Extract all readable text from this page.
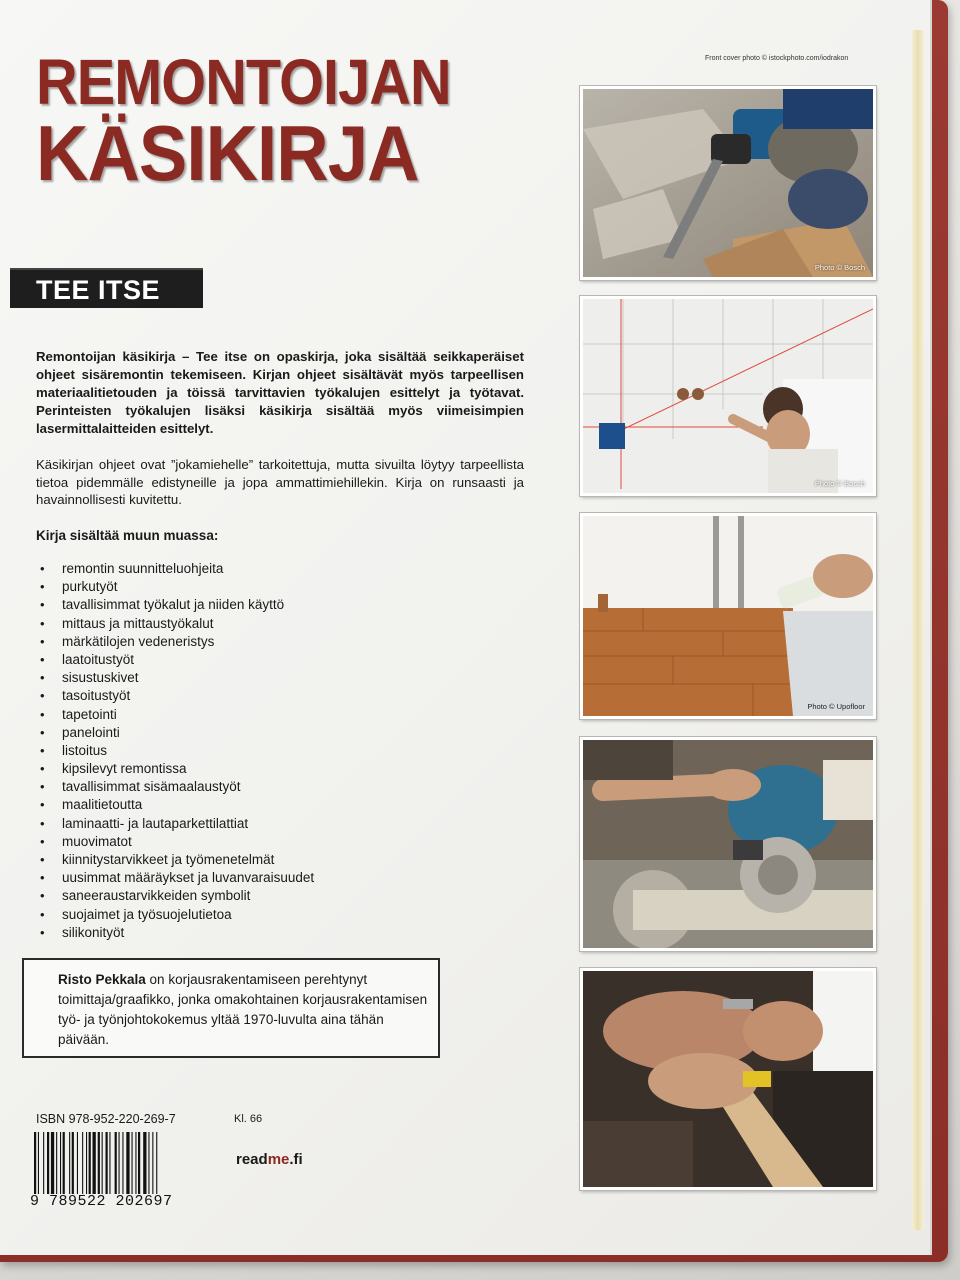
REMONTOIJAN
KÄSIKIRJA
TEE ITSE
Front cover photo © istockphoto.com/iodrakon

Remontoijan käsikirja – Tee itse on opaskirja, joka sisältää seikkaperäiset ohjeet sisäremontin tekemiseen. Kirjan ohjeet sisältävät myös tarpeellisen materiaalitietouden ja töissä tarvittavien työkalujen esittelyt ja työtavat. Perinteisten työkalujen lisäksi käsikirja sisältää myös viimeisimpien lasermittalaitteiden esittelyt.

Käsikirjan ohjeet ovat ”jokamiehelle” tarkoitettuja, mutta sivuilta löytyy tarpeellista tietoa pidemmälle edistyneille ja jopa ammattimiehillekin. Kirja on runsaasti ja havainnollisesti kuvitettu.

Kirja sisältää muun muassa:

• remontin suunnitteluohjeita
• purkutyöt
• tavallisimmat työkalut ja niiden käyttö
• mittaus ja mittaustyökalut
• märkätilojen vedeneristys
• laatoitustyöt
• sisustuskivet
• tasoitustyöt
• tapetointi
• panelointi
• listoitus
• kipsilevyt remontissa
• tavallisimmat sisämaalaustyöt
• maalitietoutta
• laminaatti- ja lautaparkettilattiat
• muovimatot
• kiinnitystarvikkeet ja työmenetelmät
• uusimmat määräykset ja luvanvaraisuudet
• saneeraustarvikkeiden symbolit
• suojaimet ja työsuojelutietoa
• silikonityöt
Risto Pekkala on korjausrakentamiseen perehtynyt toimittaja/graafikko, jonka omakohtainen korjausrakentamisen työ- ja työnjohtokokemus yltää 1970-luvulta aina tähän päivään.
ISBN 978-952-220-269-7	Kl. 66
9 789522 202697
readme.fi
Photo © Bosch
Photo © Bosch
Photo © Upofloor
